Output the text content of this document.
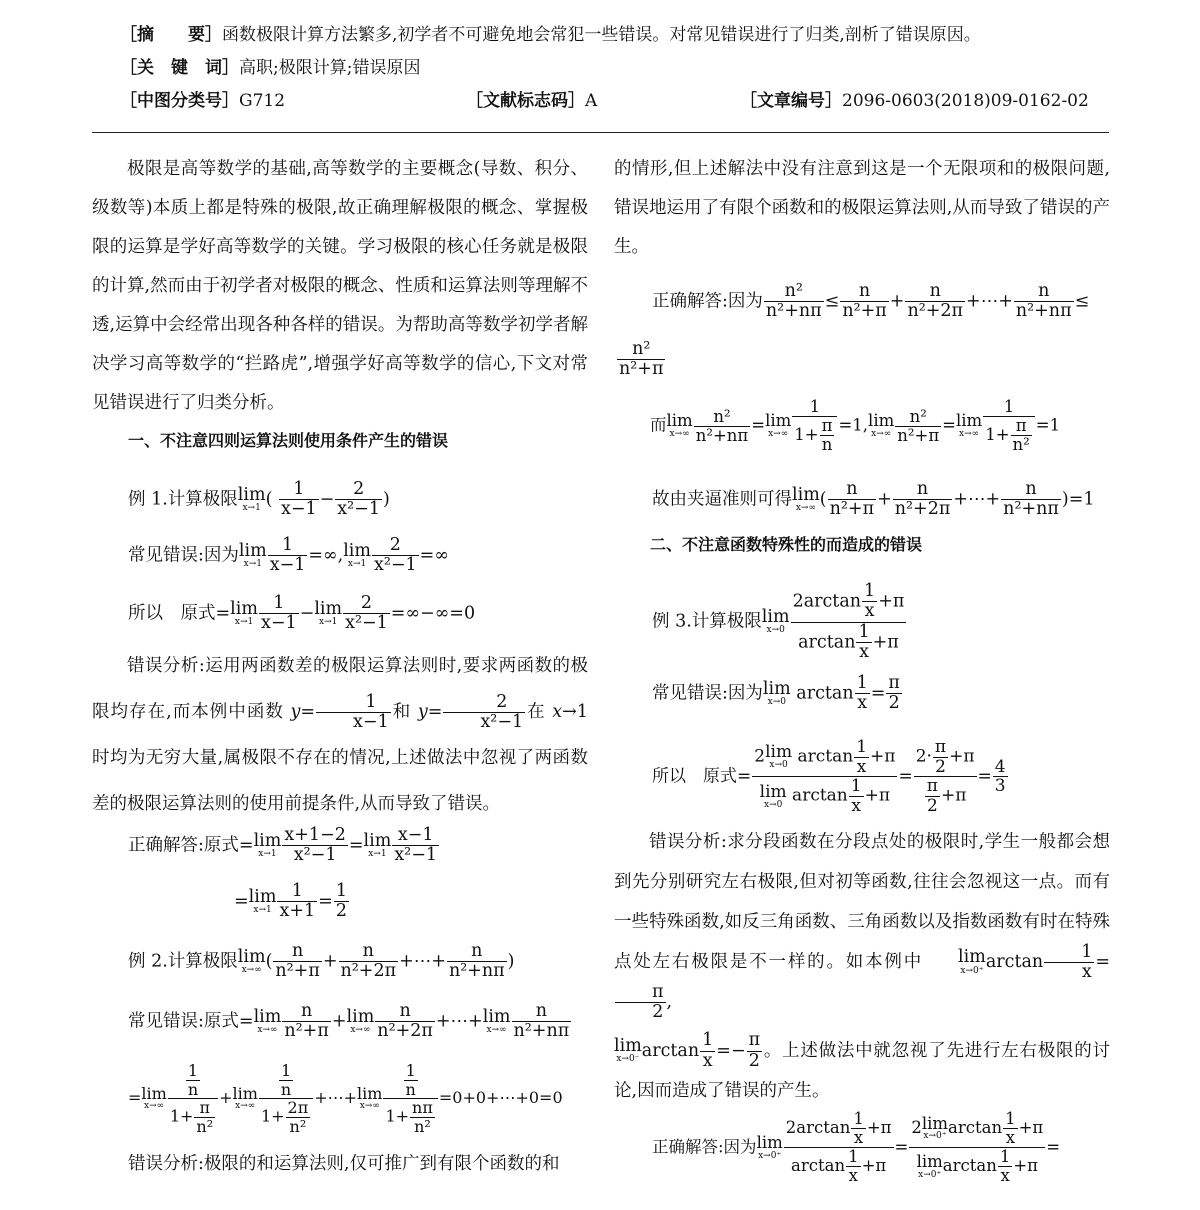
［摘　　要］函数极限计算方法繁多,初学者不可避免地会常犯一些错误。对常见错误进行了归类,剖析了错误原因。
［关　键　词］高职;极限计算;错误原因
［中图分类号］G712	［文献标志码］A	［文章编号］2096-0603(2018)09-0162-02

极限是高等数学的基础,高等数学的主要概念(导数、积分、级数等)本质上都是特殊的极限,故正确理解极限的概念、掌握极限的运算是学好高等数学的关键。学习极限的核心任务就是极限的计算,然而由于初学者对极限的概念、性质和运算法则等理解不透,运算中会经常出现各种各样的错误。为帮助高等数学初学者解决学习高等数学的“拦路虎”,增强学好高等数学的信心,下文对常见错误进行了归类分析。

一、不注意四则运算法则使用条件产生的错误

例 1.计算极限lim
x→1 ( $\frac{1}{x-1} - \frac{2}{\text{x²−1}}$ )
常见错误:因为lim
$x\to 1 \frac{1}{x-1} =\infty,\lim$
$x\to 1 \frac{2}{\text{x²−1}}$ =∞
所以　原式=lim
$x\to 1 \frac{1}{x-1} -\lim$
$x\to 1 \frac{2}{\text{x²−1}} =\infty-\infty=0$

错误分析:运用两函数差的极限运算法则时,要求两函数的极限均存在,而本例中函数 $y= \frac{1}{x-1}$ 和 $y= \frac{2}{\text{x²−1}}$ 在 x→1 时均为无穷大量,属极限不存在的情况,上述做法中忽视了两函数差的极限运算法则的使用前提条件,从而导致了错误。

正确解答:原式=lim
$x\to 1 \frac{x+1-2}{\text{x²−1}} =\lim$
$x\to 1 \frac{x-1}{\text{x²−1}}$
=lim
$x\to 1 \frac{1}{x+1} = \frac{1}{2}$
例 2.计算极限lim
x→∞ ( $\frac{n}{\text{n²+π}} + \frac{n}{\text{n²+2π}}$ +⋯+ $\frac{n}{\text{n²+nπ}}$ )
常见错误:原式=lim
$x\to\infty \frac{n}{\text{n²+π}} +\lim$
$x\to\infty \frac{n}{\text{n²+2π}}$ +⋯+lim
$x\to\infty \frac{n}{\text{n²+nπ}}$
=lim
$x\to\infty \frac{\frac{1}{n}}{1+ \frac{\pi}{\text{n²}}} +\lim$
$x\to\infty \frac{\frac{1}{n}}{1+ \frac{2\pi}{\text{n²}}}$ +⋯+lim
$x\to\infty \frac{\frac{1}{n}}{1+ \frac{n\pi}{\text{n²}}}$ =0+0+⋯+0=0
错误分析:极限的和运算法则,仅可推广到有限个函数的和

的情形,但上述解法中没有注意到这是一个无限项和的极限问题,错误地运用了有限个函数和的极限运算法则,从而导致了错误的产生。

正确解答:因为 $\frac{\text{n²}}{\text{n²+nπ}} \le \frac{n}{\text{n²+π}} + \frac{n}{\text{n²+2π}}$ +⋯+ $\frac{n}{\text{n²+nπ}}$ ≤
$\frac{\text{n²}}{\text{n²+π}}$
而lim
$x\to\infty \frac{\text{n²}}{\text{n²+nπ}} =\lim$
$x\to\infty \frac{1}{1+ \frac{\pi}{n}} =1,\lim$
$x\to\infty \frac{\text{n²}}{\text{n²+π}} =\lim$
$x\to\infty \frac{1}{1+ \frac{\pi}{\text{n²}}} =1$
故由夹逼准则可得lim
x→∞ ( $\frac{n}{\text{n²+π}} + \frac{n}{\text{n²+2π}}$ +⋯+ $\frac{n}{\text{n²+nπ}} )=1$
二、不注意函数特殊性的而造成的错误
例 3.计算极限lim
$x\to 0 \frac{2\arctan \frac{1}{x} +\pi}{\arctan \frac{1}{x} +\pi}$
常见错误:因为lim
x→0 $\arctan \frac{1}{x} = \frac{\pi}{2}$
所以　原式= 2lim
x→0 $\arctan \frac{1}{x} +\pi$
lim
x→0 $\arctan \frac{1}{x} +\pi = \frac{2\cdot \frac{\pi}{2} +\pi}{\frac{\pi}{2} +\pi} = \frac{4}{3}$

错误分析:求分段函数在分段点处的极限时,学生一般都会想到先分别研究左右极限,但对初等函数,往往会忽视这一点。而有一些特殊函数,如反三角函数、三角函数以及指数函数有时在特殊点处左右极限是不一样的。如本例中 lim
x→0⁺ $\arctan \frac{1}{x}$ =
$\frac{\pi}{2}$ ,

lim
x→0⁻ $\arctan \frac{1}{x} =- \frac{\pi}{2}$ 。上述做法中就忽视了先进行左右极限的讨论,因而造成了错误的产生。

正确解答:因为lim
$x\to 0^+ \frac{2\arctan \frac{1}{x} +\pi}{\arctan \frac{1}{x} +\pi} = 2\lim$
x→0⁺ $\arctan \frac{1}{x} +\pi$
lim
x→0⁺ $\arctan \frac{1}{x} +\pi$ =
